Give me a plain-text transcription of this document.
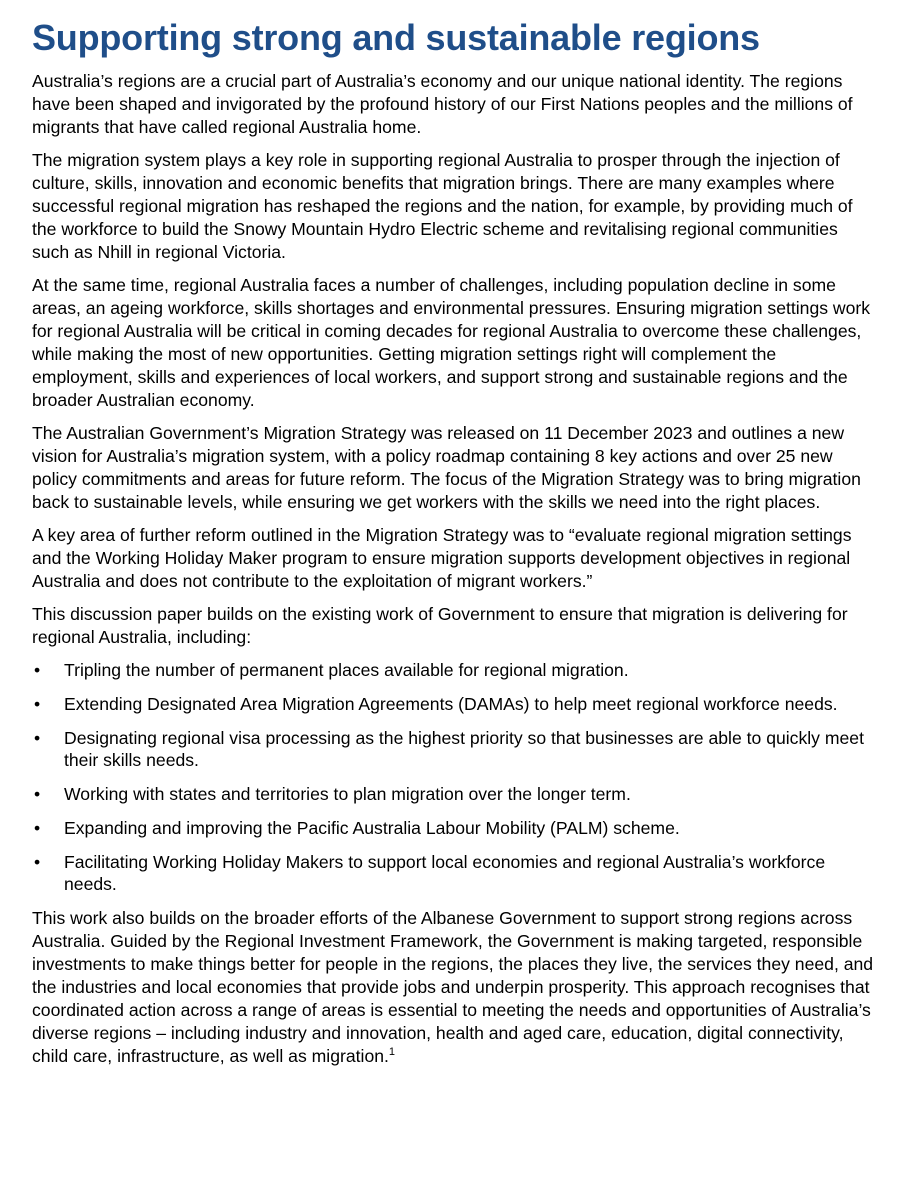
Supporting strong and sustainable regions

Australia’s regions are a crucial part of Australia’s economy and our unique national identity. The regions have been shaped and invigorated by the profound history of our First Nations peoples and the millions of migrants that have called regional Australia home.

The migration system plays a key role in supporting regional Australia to prosper through the injection of culture, skills, innovation and economic benefits that migration brings. There are many examples where successful regional migration has reshaped the regions and the nation, for example, by providing much of the workforce to build the Snowy Mountain Hydro Electric scheme and revitalising regional communities such as Nhill in regional Victoria.

At the same time, regional Australia faces a number of challenges, including population decline in some areas, an ageing workforce, skills shortages and environmental pressures. Ensuring migration settings work for regional Australia will be critical in coming decades for regional Australia to overcome these challenges, while making the most of new opportunities. Getting migration settings right will complement the employment, skills and experiences of local workers, and support strong and sustainable regions and the broader Australian economy.

The Australian Government’s Migration Strategy was released on 11 December 2023 and outlines a new vision for Australia’s migration system, with a policy roadmap containing 8 key actions and over 25 new policy commitments and areas for future reform. The focus of the Migration Strategy was to bring migration back to sustainable levels, while ensuring we get workers with the skills we need into the right places.

A key area of further reform outlined in the Migration Strategy was to “evaluate regional migration settings and the Working Holiday Maker program to ensure migration supports development objectives in regional Australia and does not contribute to the exploitation of migrant workers.”

This discussion paper builds on the existing work of Government to ensure that migration is delivering for regional Australia, including:

• Tripling the number of permanent places available for regional migration.
• Extending Designated Area Migration Agreements (DAMAs) to help meet regional workforce needs.
• Designating regional visa processing as the highest priority so that businesses are able to quickly meet their skills needs.
• Working with states and territories to plan migration over the longer term.
• Expanding and improving the Pacific Australia Labour Mobility (PALM) scheme.
• Facilitating Working Holiday Makers to support local economies and regional Australia’s workforce needs.

This work also builds on the broader efforts of the Albanese Government to support strong regions across Australia. Guided by the Regional Investment Framework, the Government is making targeted, responsible investments to make things better for people in the regions, the places they live, the services they need, and the industries and local economies that provide jobs and underpin prosperity. This approach recognises that coordinated action across a range of areas is essential to meeting the needs and opportunities of Australia’s diverse regions – including industry and innovation, health and aged care, education, digital connectivity, child care, infrastructure, as well as migration.$^1$
